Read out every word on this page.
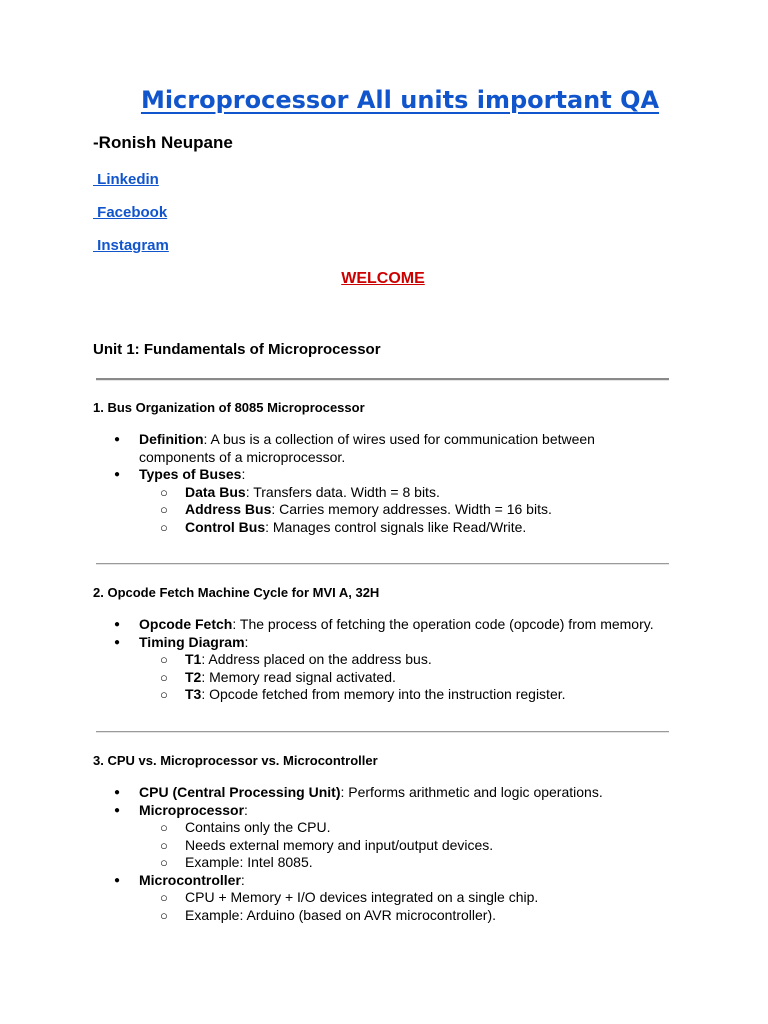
Microprocessor All units important QA
-Ronish Neupane
Linkedin
Facebook
Instagram
WELCOME
Unit 1: Fundamentals of Microprocessor
1. Bus Organization of 8085 Microprocessor
● Definition: A bus is a collection of wires used for communication between
components of a microprocessor.
● Types of Buses:
○ Data Bus: Transfers data. Width = 8 bits.
○ Address Bus: Carries memory addresses. Width = 16 bits.
○ Control Bus: Manages control signals like Read/Write.
2. Opcode Fetch Machine Cycle for MVI A, 32H
● Opcode Fetch: The process of fetching the operation code (opcode) from memory.
● Timing Diagram:
○ T1: Address placed on the address bus.
○ T2: Memory read signal activated.
○ T3: Opcode fetched from memory into the instruction register.
3. CPU vs. Microprocessor vs. Microcontroller
● CPU (Central Processing Unit): Performs arithmetic and logic operations.
● Microprocessor:
○ Contains only the CPU.
○ Needs external memory and input/output devices.
○ Example: Intel 8085.
● Microcontroller:
○ CPU + Memory + I/O devices integrated on a single chip.
○ Example: Arduino (based on AVR microcontroller).
